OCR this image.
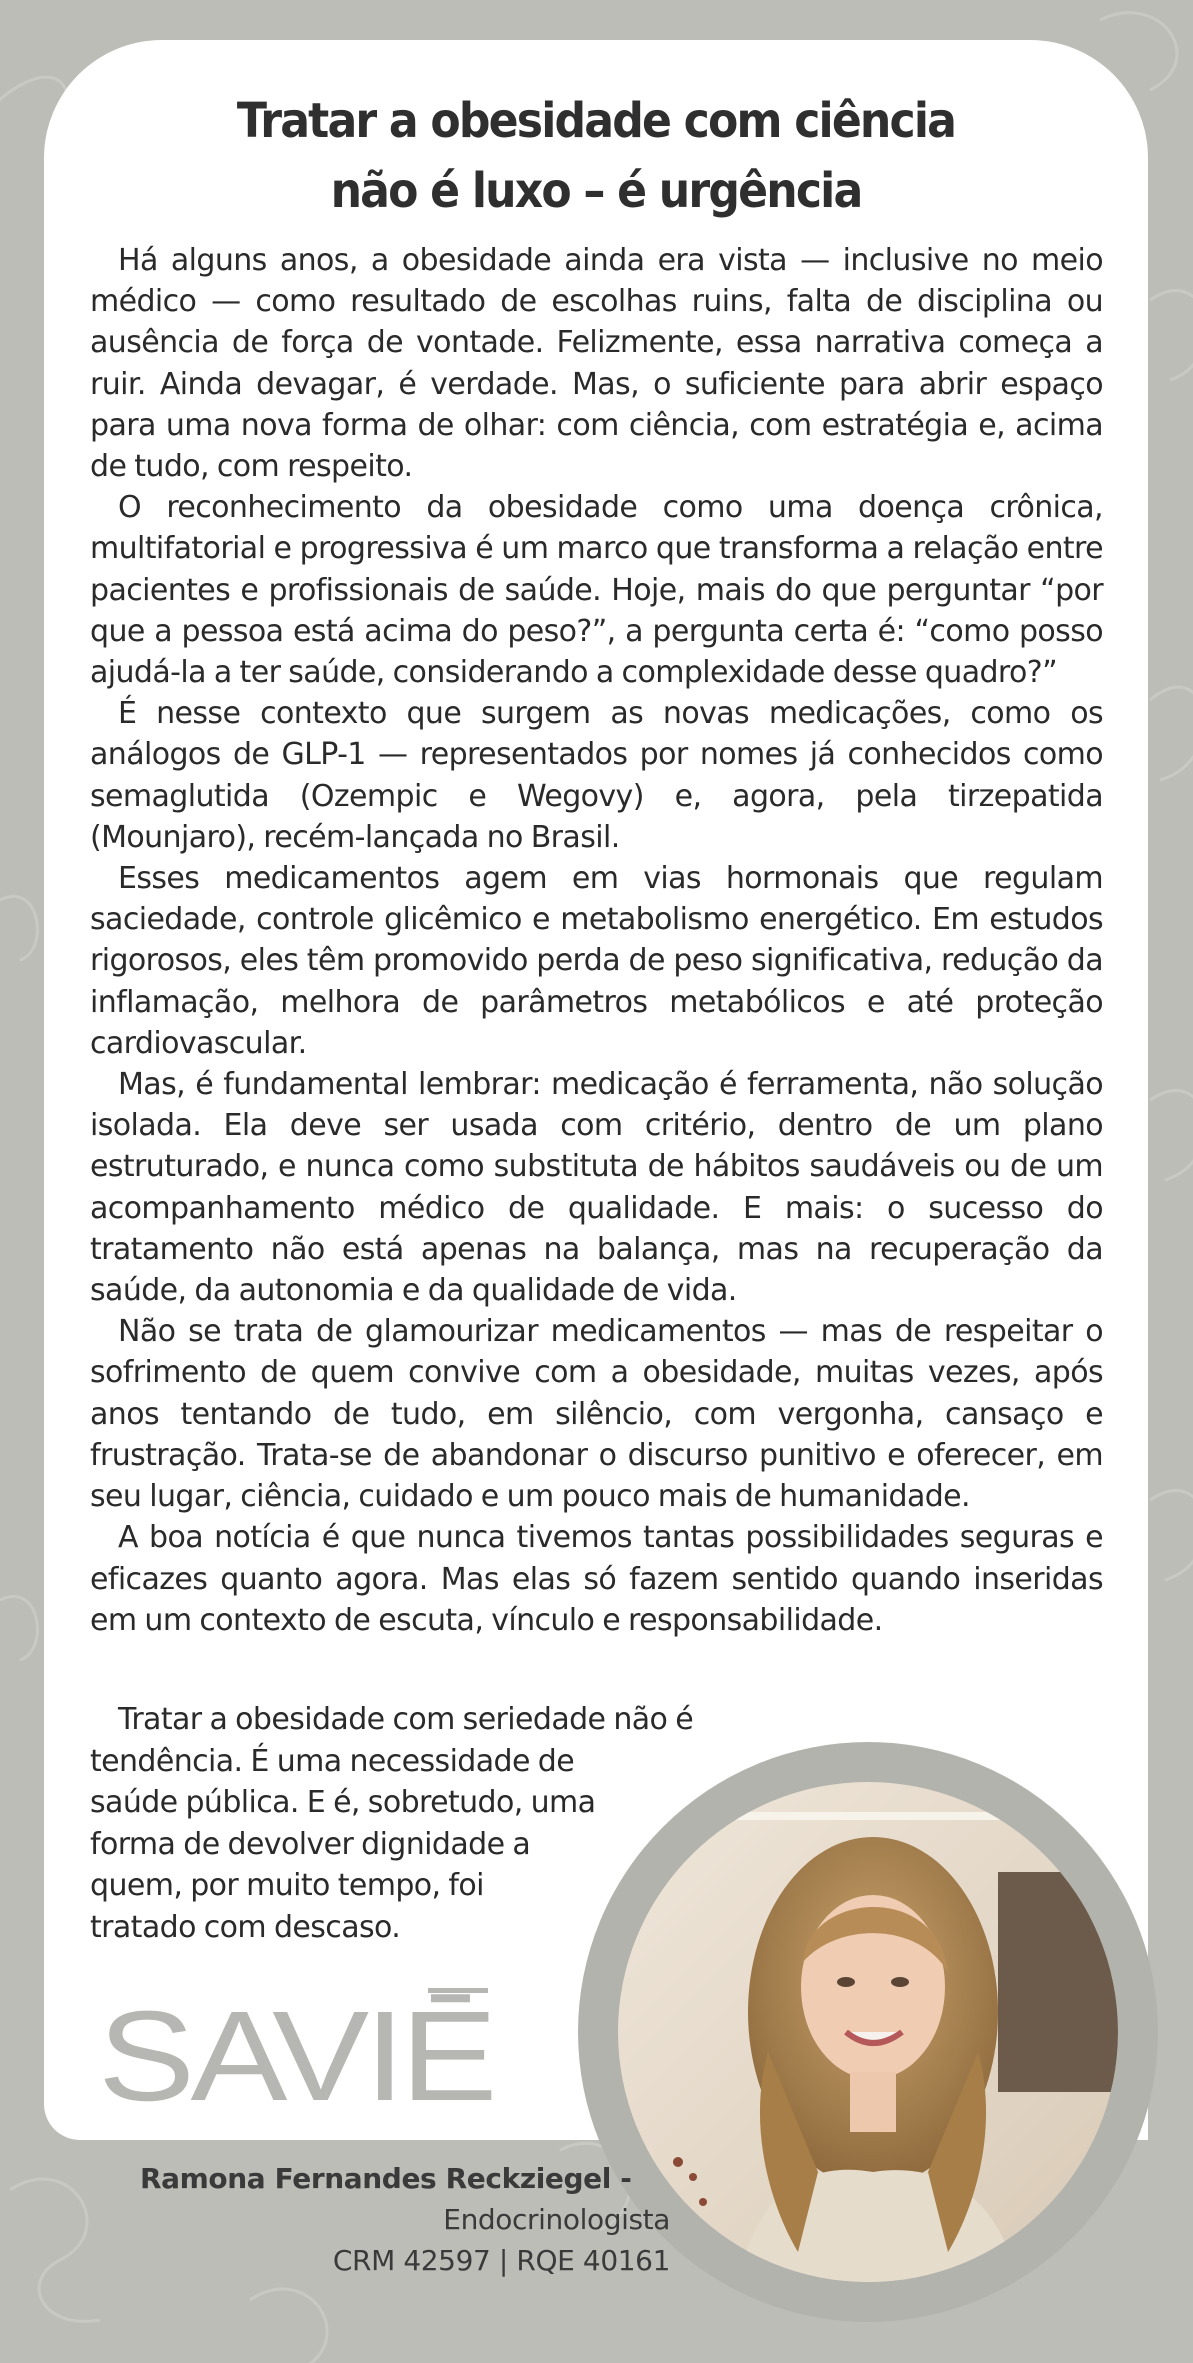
Tratar a obesidade com ciência
não é luxo – é urgência

Há alguns anos, a obesidade ainda era vista — inclusive no meio médico — como resultado de escolhas ruins, falta de disciplina ou ausência de força de vontade. Felizmente, essa narrativa começa a ruir. Ainda devagar, é verdade. Mas, o suficiente para abrir espaço para uma nova forma de olhar: com ciência, com estratégia e, acima de tudo, com respeito.

O reconhecimento da obesidade como uma doença crônica, multifatorial e progressiva é um marco que transforma a relação entre pacientes e profissionais de saúde. Hoje, mais do que perguntar “por que a pessoa está acima do peso?”, a pergunta certa é: “como posso ajudá-la a ter saúde, considerando a complexidade desse quadro?”

É nesse contexto que surgem as novas medicações, como os análogos de GLP-1 — representados por nomes já conhecidos como semaglutida (Ozempic e Wegovy) e, agora, pela tirzepatida (Mounjaro), recém-lançada no Brasil.

Esses medicamentos agem em vias hormonais que regulam saciedade, controle glicêmico e metabolismo energético. Em estudos rigorosos, eles têm promovido perda de peso significativa, redução da inflamação, melhora de parâmetros metabólicos e até proteção cardiovascular.

Mas, é fundamental lembrar: medicação é ferramenta, não solução isolada. Ela deve ser usada com critério, dentro de um plano estruturado, e nunca como substituta de hábitos saudáveis ou de um acompanhamento médico de qualidade. E mais: o sucesso do tratamento não está apenas na balança, mas na recuperação da saúde, da autonomia e da qualidade de vida.

Não se trata de glamourizar medicamentos — mas de respeitar o sofrimento de quem convive com a obesidade, muitas vezes, após anos tentando de tudo, em silêncio, com vergonha, cansaço e frustração. Trata-se de abandonar o discurso punitivo e oferecer, em seu lugar, ciência, cuidado e um pouco mais de humanidade.

A boa notícia é que nunca tivemos tantas possibilidades seguras e eficazes quanto agora. Mas elas só fazem sentido quando inseridas em um contexto de escuta, vínculo e responsabilidade.

Tratar a obesidade com seriedade não é
tendência. É uma necessidade de
saúde pública. E é, sobretudo, uma
forma de devolver dignidade a
quem, por muito tempo, foi
tratado com descaso.
SAVIĒ
Ramona Fernandes Reckziegel -
Endocrinologista
CRM 42597 | RQE 40161
